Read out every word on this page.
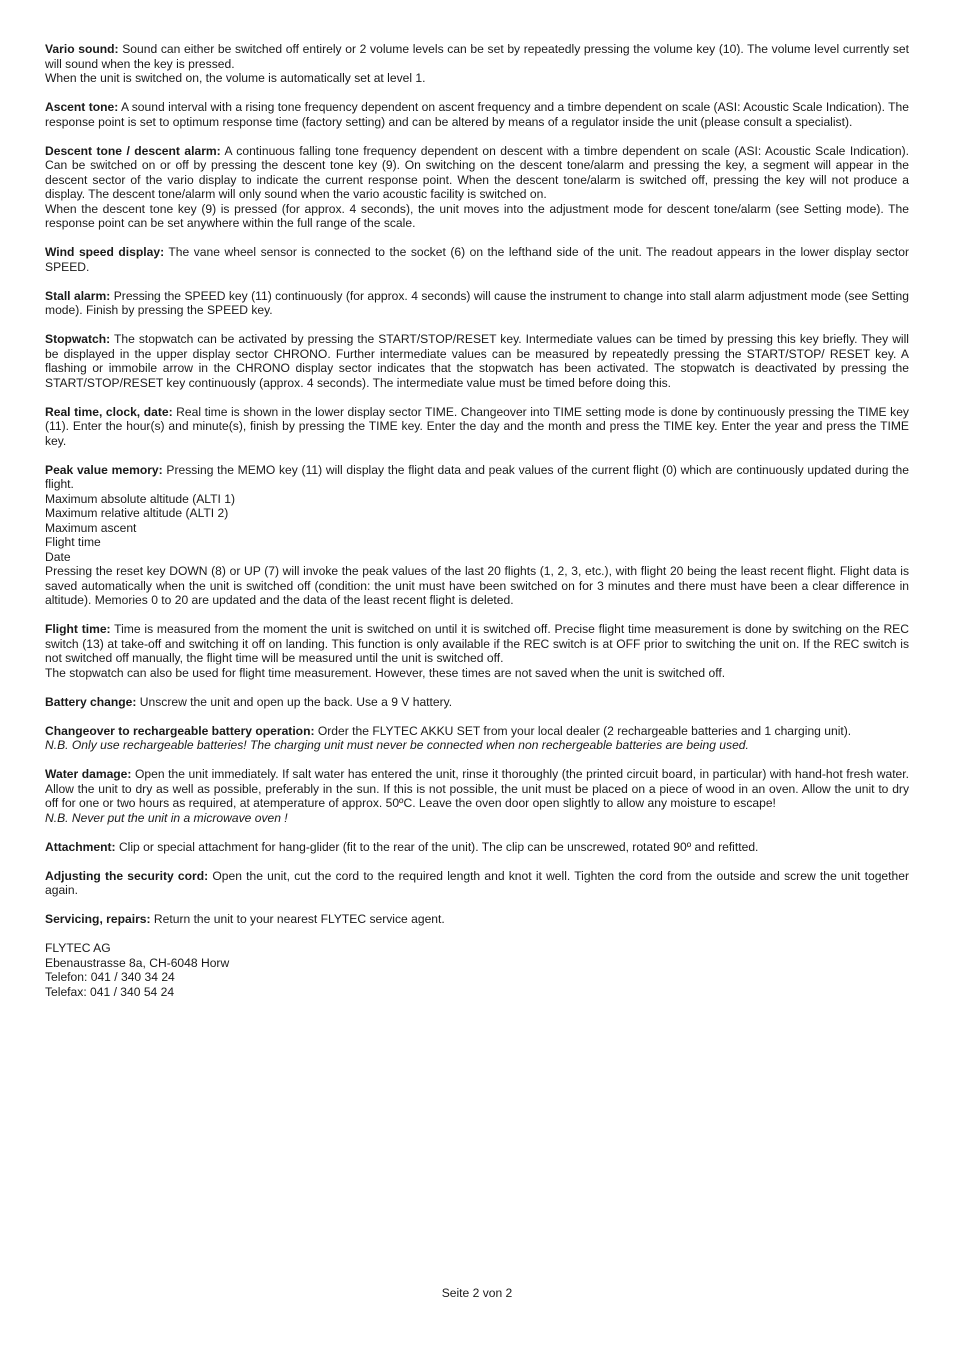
Vario sound: Sound can either be switched off entirely or 2 volume levels can be set by repeatedly pressing the volume key (10). The volume level currently set will sound when the key is pressed.

When the unit is switched on, the volume is automatically set at level 1.

Ascent tone: A sound interval with a rising tone frequency dependent on ascent frequency and a timbre dependent on scale (ASI: Acoustic Scale Indication). The response point is set to optimum response time (factory setting) and can be altered by means of a regulator inside the unit (please consult a specialist).

Descent tone / descent alarm: A continuous falling tone frequency dependent on descent with a timbre dependent on scale (ASI: Acoustic Scale Indication). Can be switched on or off by pressing the descent tone key (9). On switching on the descent tone/alarm and pressing the key, a segment will appear in the descent sector of the vario display to indicate the current response point. When the descent tone/alarm is switched off, pressing the key will not produce a display. The descent tone/alarm will only sound when the vario acoustic facility is switched on.

When the descent tone key (9) is pressed (for approx. 4 seconds), the unit moves into the adjustment mode for descent tone/alarm (see Setting mode). The response point can be set anywhere within the full range of the scale.

Wind speed display: The vane wheel sensor is connected to the socket (6) on the lefthand side of the unit. The readout appears in the lower display sector SPEED.

Stall alarm: Pressing the SPEED key (11) continuously (for approx. 4 seconds) will cause the instrument to change into stall alarm adjustment mode (see Setting mode). Finish by pressing the SPEED key.

Stopwatch: The stopwatch can be activated by pressing the START/STOP/RESET key. Intermediate values can be timed by pressing this key briefly. They will be displayed in the upper display sector CHRONO. Further intermediate values can be measured by repeatedly pressing the START/STOP/ RESET key. A flashing or immobile arrow in the CHRONO display sector indicates that the stopwatch has been activated. The stopwatch is deactivated by pressing the START/STOP/RESET key continuously (approx. 4 seconds). The intermediate value must be timed before doing this.

Real time, clock, date: Real time is shown in the lower display sector TIME. Changeover into TIME setting mode is done by continuously pressing the TIME key (11). Enter the hour(s) and minute(s), finish by pressing the TIME key. Enter the day and the month and press the TIME key. Enter the year and press the TIME key.

Peak value memory: Pressing the MEMO key (11) will display the flight data and peak values of the current flight (0) which are continuously updated during the flight.

Maximum absolute altitude (ALTI 1)

Maximum relative altitude (ALTI 2)

Maximum ascent

Flight time

Date

Pressing the reset key DOWN (8) or UP (7) will invoke the peak values of the last 20 flights (1, 2, 3, etc.), with flight 20 being the least recent flight. Flight data is saved automatically when the unit is switched off (condition: the unit must have been switched on for 3 minutes and there must have been a clear difference in altitude). Memories 0 to 20 are updated and the data of the least recent flight is deleted.

Flight time: Time is measured from the moment the unit is switched on until it is switched off. Precise flight time measurement is done by switching on the REC switch (13) at take-off and switching it off on landing. This function is only available if the REC switch is at OFF prior to switching the unit on. If the REC switch is not switched off manually, the flight time will be measured until the unit is switched off.

The stopwatch can also be used for flight time measurement. However, these times are not saved when the unit is switched off.

Battery change: Unscrew the unit and open up the back. Use a 9 V hattery.

Changeover to rechargeable battery operation: Order the FLYTEC AKKU SET from your local dealer (2 rechargeable batteries and 1 charging unit).

N.B. Only use rechargeable batteries! The charging unit must never be connected when non rechergeable batteries are being used.

Water damage: Open the unit immediately. If salt water has entered the unit, rinse it thoroughly (the printed circuit board, in particular) with hand-hot fresh water. Allow the unit to dry as well as possible, preferably in the sun. If this is not possible, the unit must be placed on a piece of wood in an oven. Allow the unit to dry off for one or two hours as required, at atemperature of approx. 50ºC. Leave the oven door open slightly to allow any moisture to escape!

N.B. Never put the unit in a microwave oven !

Attachment: Clip or special attachment for hang-glider (fit to the rear of the unit). The clip can be unscrewed, rotated 90º and refitted.

Adjusting the security cord: Open the unit, cut the cord to the required length and knot it well. Tighten the cord from the outside and screw the unit together again.

Servicing, repairs: Return the unit to your nearest FLYTEC service agent.

FLYTEC AG

Ebenaustrasse 8a, CH-6048 Horw

Telefon: 041 / 340 34 24

Telefax: 041 / 340 54 24

Seite 2 von 2
